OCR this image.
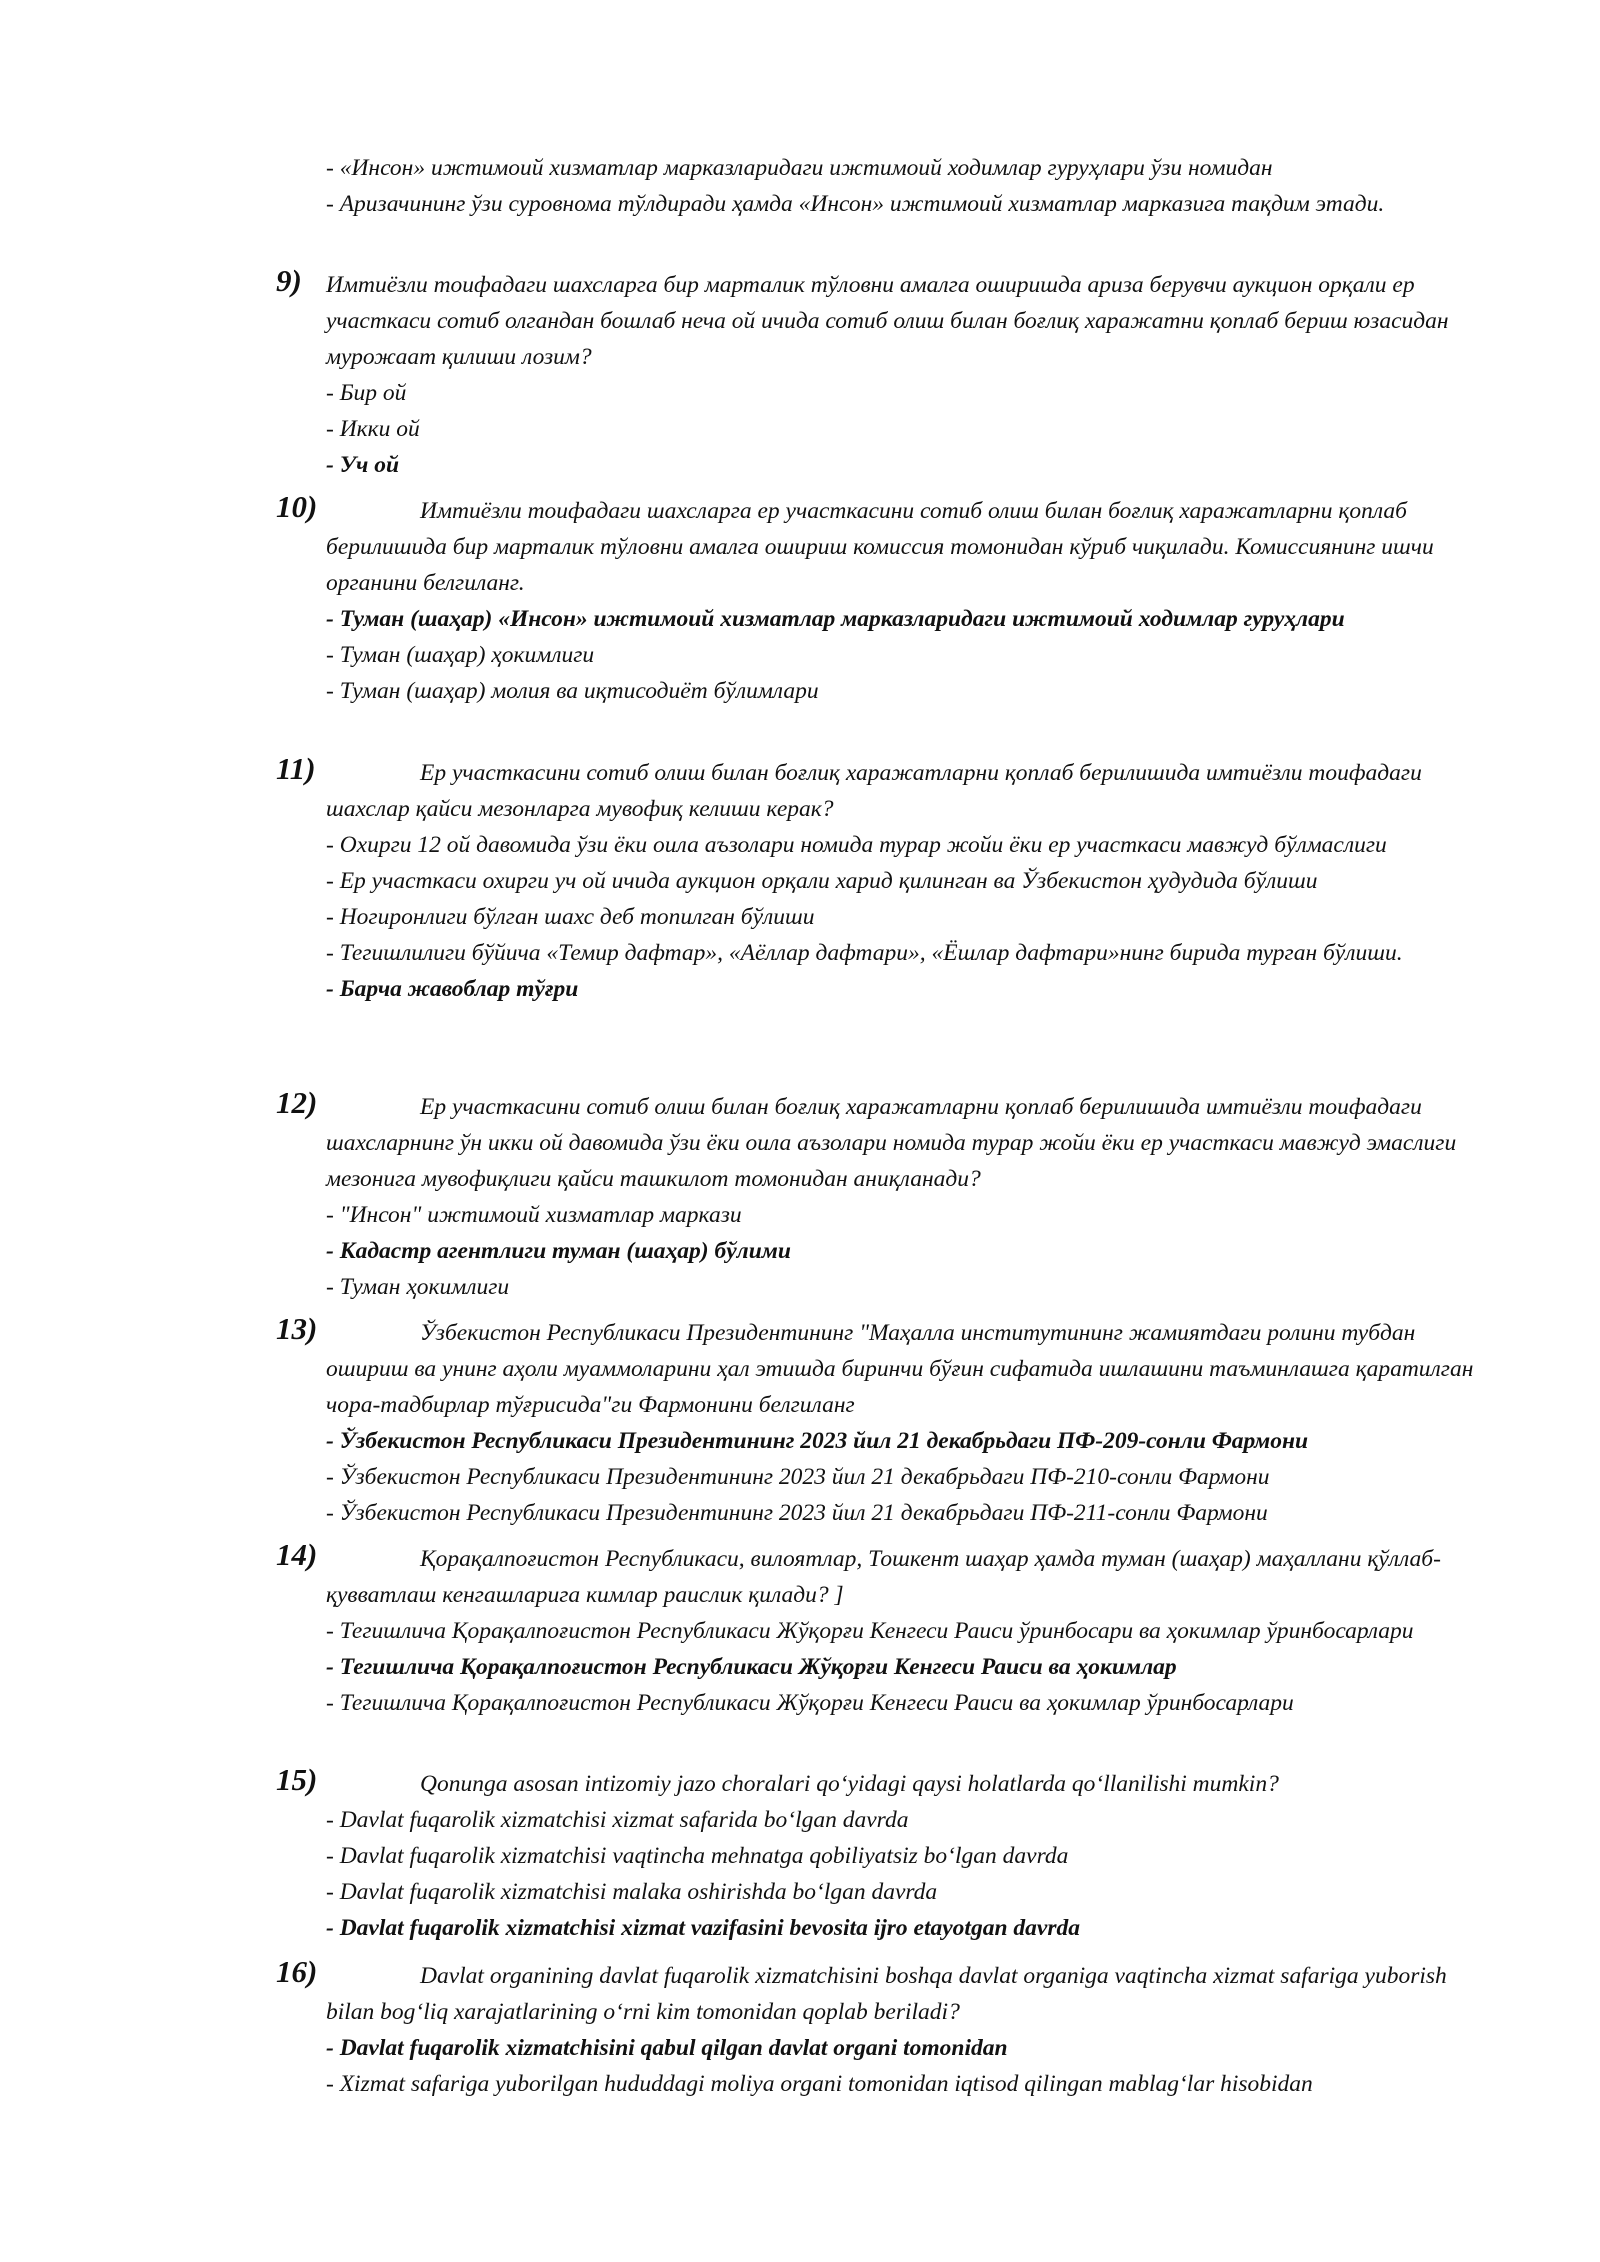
- «Инсон» ижтимоий хизматлар марказларидаги ижтимоий ходимлар гуруҳлари ўзи номидан

- Аризачининг ўзи суровнома тўлдиради ҳамда «Инсон» ижтимоий хизматлар марказига тақдим этади.

9) Имтиёзли тоифадаги шахсларга бир марталик тўловни амалга оширишда ариза берувчи аукцион орқали ер участкаси сотиб олгандан бошлаб неча ой ичида сотиб олиш билан боғлиқ харажатни қоплаб бериш юзасидан мурожаат қилиши лозим?

- Бир ой

- Икки ой

- Уч ой

10)	Имтиёзли тоифадаги шахсларга ер участкасини сотиб олиш билан боғлиқ харажатларни қоплаб берилишида бир марталик тўловни амалга ошириш комиссия томонидан кўриб чиқилади. Комиссиянинг ишчи органини белгиланг.

- Туман (шаҳар) «Инсон» ижтимоий хизматлар марказларидаги ижтимоий ходимлар гуруҳлари

- Туман (шаҳар) ҳокимлиги

- Туман (шаҳар) молия ва иқтисодиёт бўлимлари

11)	Ер участкасини сотиб олиш билан боғлиқ харажатларни қоплаб берилишида имтиёзли тоифадаги шахслар қайси мезонларга мувофиқ келиши керак?

- Охирги 12 ой давомида ўзи ёки оила аъзолари номида турар жойи ёки ер участкаси мавжуд бўлмаслиги

- Ер участкаси охирги уч ой ичида аукцион орқали харид қилинган ва Ўзбекистон ҳудудида бўлиши

- Ногиронлиги бўлган шахс деб топилган бўлиши

- Тегишлилиги бўйича «Темир дафтар», «Аёллар дафтари», «Ёшлар дафтари»нинг бирида турган бўлиши.

- Барча жавоблар тўғри

12)	Ер участкасини сотиб олиш билан боғлиқ харажатларни қоплаб берилишида имтиёзли тоифадаги шахсларнинг ўн икки ой давомида ўзи ёки оила аъзолари номида турар жойи ёки ер участкаси мавжуд эмаслиги мезонига мувофиқлиги қайси ташкилот томонидан аниқланади?

- "Инсон" ижтимоий хизматлар маркази

- Кадастр агентлиги туман (шаҳар) бўлими

- Туман ҳокимлиги

13)	Ўзбекистон Республикаси Президентининг "Маҳалла институтининг жамиятдаги ролини тубдан ошириш ва унинг аҳоли муаммоларини ҳал этишда биринчи бўғин сифатида ишлашини таъминлашга қаратилган чора-тадбирлар тўғрисида"ги Фармонини белгиланг

- Ўзбекистон Республикаси Президентининг 2023 йил 21 декабрьдаги ПФ-209-сонли Фармони

- Ўзбекистон Республикаси Президентининг 2023 йил 21 декабрьдаги ПФ-210-сонли Фармони

- Ўзбекистон Республикаси Президентининг 2023 йил 21 декабрьдаги ПФ-211-сонли Фармони

14)	Қорақалпоғистон Республикаси, вилоятлар, Тошкент шаҳар ҳамда туман (шаҳар) маҳаллани қўллаб-қувватлаш кенгашларига кимлар раислик қилади? ]

- Тегишлича Қорақалпоғистон Республикаси Жўқорғи Кенгеси Раиси ўринбосари ва ҳокимлар ўринбосарлари

- Тегишлича Қорақалпоғистон Республикаси Жўқорғи Кенгеси Раиси ва ҳокимлар

- Тегишлича Қорақалпоғистон Республикаси Жўқорғи Кенгеси Раиси ва ҳокимлар ўринбосарлари

15)	Qonunga asosan intizomiy jazo choralari qoʻyidagi qaysi holatlarda qoʻllanilishi mumkin?

- Davlat fuqarolik xizmatchisi xizmat safarida boʻlgan davrda

- Davlat fuqarolik xizmatchisi vaqtincha mehnatga qobiliyatsiz boʻlgan davrda

- Davlat fuqarolik xizmatchisi malaka oshirishda boʻlgan davrda

- Davlat fuqarolik xizmatchisi xizmat vazifasini bevosita ijro etayotgan davrda

16)	Davlat organining davlat fuqarolik xizmatchisini boshqa davlat organiga vaqtincha xizmat safariga yuborish bilan bogʻliq xarajatlarining oʻrni kim tomonidan qoplab beriladi?

- Davlat fuqarolik xizmatchisini qabul qilgan davlat organi tomonidan

- Xizmat safariga yuborilgan hududdagi moliya organi tomonidan iqtisod qilingan mablagʻlar hisobidan
